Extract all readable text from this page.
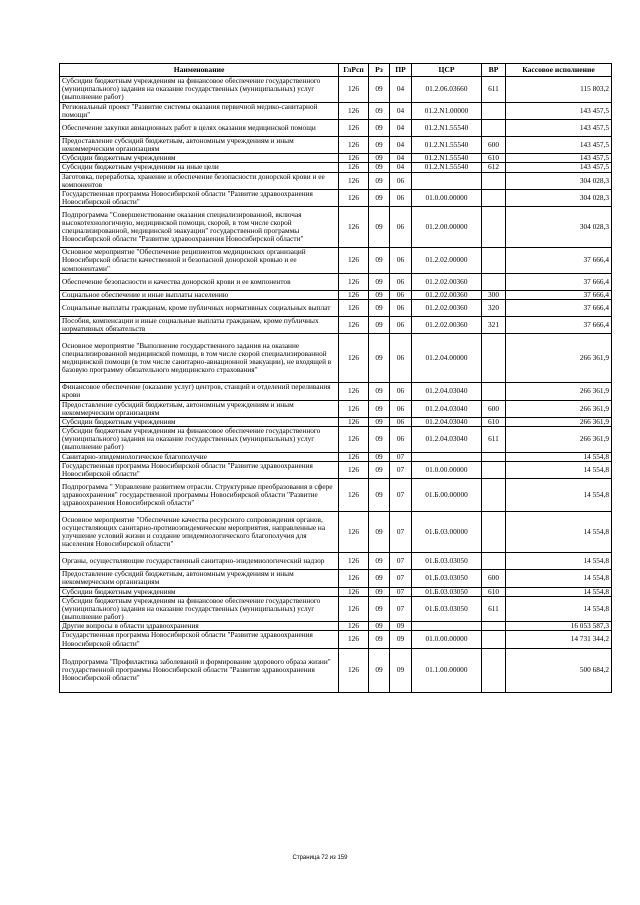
Наименование	ГлРсп	Рз	ПР	ЦСР	ВР	Кассовое исполнение
Субсидии бюджетным учреждениям на финансовое обеспечение государственного (муниципального) задания на оказание государственных (муниципальных) услуг (выполнение работ)	126	09	04	01.2.06.03660	611	115 803,2
Региональный проект "Развитие системы оказания первичной медико-санитарной помощи"	126	09	04	01.2.N1.00000		143 457,5
Обеспечение закупки авиационных работ в целях оказания медицинской помощи	126	09	04	01.2.N1.55540		143 457,5
Предоставление субсидий бюджетным, автономным учреждениям и иным некоммерческим организациям	126	09	04	01.2.N1.55540	600	143 457,5
Субсидии бюджетным учреждениям	126	09	04	01.2.N1.55540	610	143 457,5
Субсидии бюджетным учреждениям на иные цели	126	09	04	01.2.N1.55540	612	143 457,5
Заготовка, переработка, хранение и обеспечение безопасности донорской крови и ее компонентов	126	09	06			304 028,3
Государственная программа Новосибирской области "Развитие здравоохранения Новосибирской области"	126	09	06	01.0.00.00000		304 028,3
Подпрограмма "Совершенствование оказания специализированной, включая высокотехнологичную, медицинской помощи, скорой, в том числе скорой специализированной, медицинской эвакуации" государственной программы Новосибирской области "Развитие здравоохранения Новосибирской области"	126	09	06	01.2.00.00000		304 028,3
Основное мероприятие "Обеспечение реципиентов медицинских организаций Новосибирской области качественной и безопасной донорской кровью и ее компонентами"	126	09	06	01.2.02.00000		37 666,4
Обеспечение безопасности и качества донорской крови и ее компонентов	126	09	06	01.2.02.00360		37 666,4
Социальное обеспечение и иные выплаты населению	126	09	06	01.2.02.00360	300	37 666,4
Социальные выплаты гражданам, кроме публичных нормативных социальных выплат	126	09	06	01.2.02.00360	320	37 666,4
Пособия, компенсации и иные социальные выплаты гражданам, кроме публичных нормативных обязательств	126	09	06	01.2.02.00360	321	37 666,4
Основное мероприятие "Выполнение государственного задания на оказание специализированной медицинской помощи, в том числе скорой специализированной медицинской помощи (в том числе санитарно-авиационной эвакуации), не входящей в базовую программу обязательного медицинского страхования"	126	09	06	01.2.04.00000		266 361,9
Финансовое обеспечение (оказание услуг) центров, станций и отделений переливания крови	126	09	06	01.2.04.03040		266 361,9
Предоставление субсидий бюджетным, автономным учреждениям и иным некоммерческим организациям	126	09	06	01.2.04.03040	600	266 361,9
Субсидии бюджетным учреждениям	126	09	06	01.2.04.03040	610	266 361,9
Субсидии бюджетным учреждениям на финансовое обеспечение государственного (муниципального) задания на оказание государственных (муниципальных) услуг (выполнение работ)	126	09	06	01.2.04.03040	611	266 361,9
Санитарно-эпидемиологическое благополучие	126	09	07			14 554,8
Государственная программа Новосибирской области "Развитие здравоохранения Новосибирской области"	126	09	07	01.0.00.00000		14 554,8
Подпрограмма " Управление развитием отрасли. Структурные преобразования в сфере здравоохранения" государственной программы Новосибирской области "Развитие здравоохранения Новосибирской области"	126	09	07	01.Б.00.00000		14 554,8
Основное мероприятие "Обеспечение качества ресурсного сопровождения органов, осуществляющих санитарно-противоэпидемические мероприятия, направленные на улучшение условий жизни и создание эпидемиологического благополучия для населения Новосибирской области"	126	09	07	01.Б.03.00000		14 554,8
Органы, осуществляющие государственный санитарно-эпидемиологический надзор	126	09	07	01.Б.03.03050		14 554,8
Предоставление субсидий бюджетным, автономным учреждениям и иным некоммерческим организациям	126	09	07	01.Б.03.03050	600	14 554,8
Субсидии бюджетным учреждениям	126	09	07	01.Б.03.03050	610	14 554,8
Субсидии бюджетным учреждениям на финансовое обеспечение государственного (муниципального) задания на оказание государственных (муниципальных) услуг (выполнение работ)	126	09	07	01.Б.03.03050	611	14 554,8
Другие вопросы в области здравоохранения	126	09	09			16 053 587,3
Государственная программа Новосибирской области "Развитие здравоохранения Новосибирской области"	126	09	09	01.0.00.00000		14 731 344,2
Подпрограмма "Профилактика заболеваний и формирование здорового образа жизни" государственной программы Новосибирской области "Развитие здравоохранения Новосибирской области"	126	09	09	01.1.00.00000		500 684,2
Страница 72 из 159
